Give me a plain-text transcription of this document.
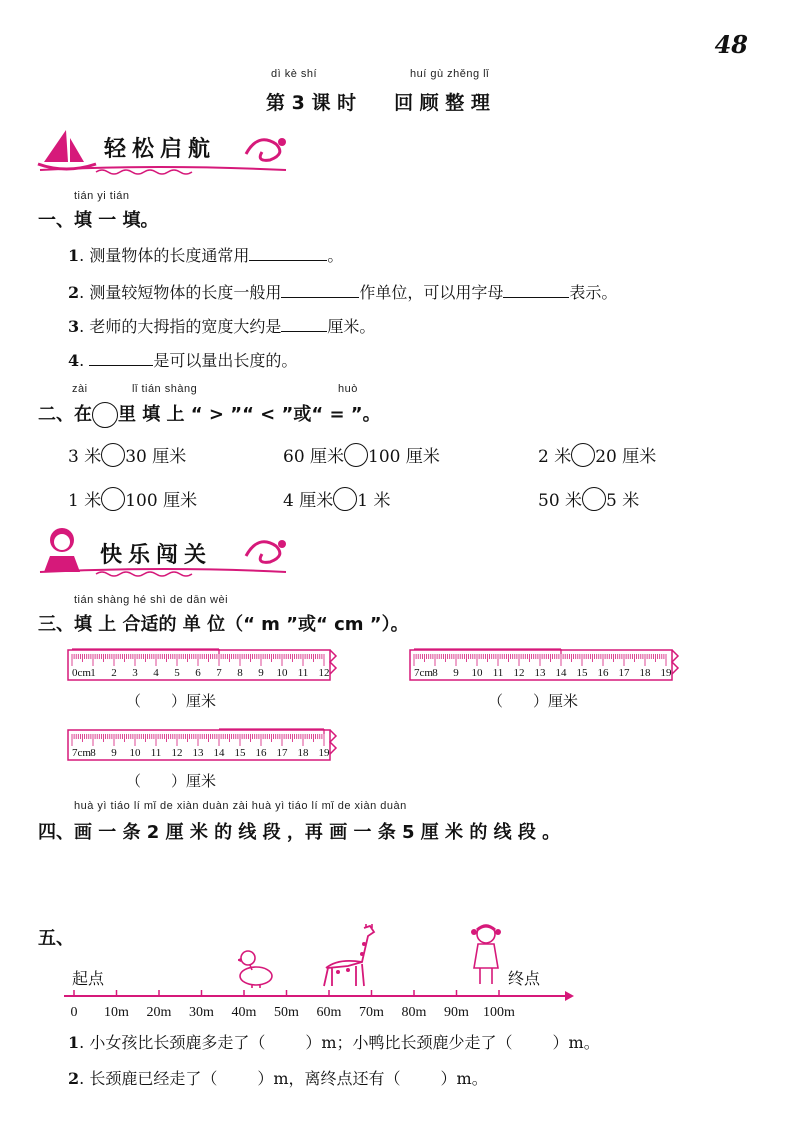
48
dì kè shí	huí gù zhěng lǐ
第 3 课 时　　回 顾 整 理
轻松启航
tián yi tián
一、填 一 填。
1. 测量物体的长度通常用	。
2. 测量较短物体的长度一般用	作单位，可以用字母	表示。
3. 老师的大拇指的宽度大约是	厘米。
4.	是可以量出长度的。
zài	lǐ tián shàng	huò
二、在 里 填 上 “ > ”“ < ”或“ = ”。
3 米 30 厘米	60 厘米 100 厘米	2 米 20 厘米
1 米 100 厘米	4 厘米 1 米	50 米 5 米
快乐闯关
tián shàng hé shì de dān wèi
三、填 上 合适的 单 位（“ m ”或“ cm ”）。
0cm 1 2 3 4 5 6 7 8 9 10 11 12	7cm 8 9 10 11 12 13 14 15 16 17 18 19
7cm 8 9 10 11 12 13 14 15 16 17 18 19
（　　）厘米	（　　）厘米
（　　）厘米
huà yì tiáo lí mǐ de xiàn duàn zài huà yì tiáo lí mǐ de xiàn duàn
四、画 一 条 2 厘 米 的 线 段 ，再 画 一 条 5 厘 米 的 线 段 。
五、
起点	终点
0 10m 20m 30m 40m 50m 60m 70m 80m 90m 100m
1. 小女孩比长颈鹿多走了（	）m；小鸭比长颈鹿少走了（	）m。
2. 长颈鹿已经走了（	）m，离终点还有（	）m。
